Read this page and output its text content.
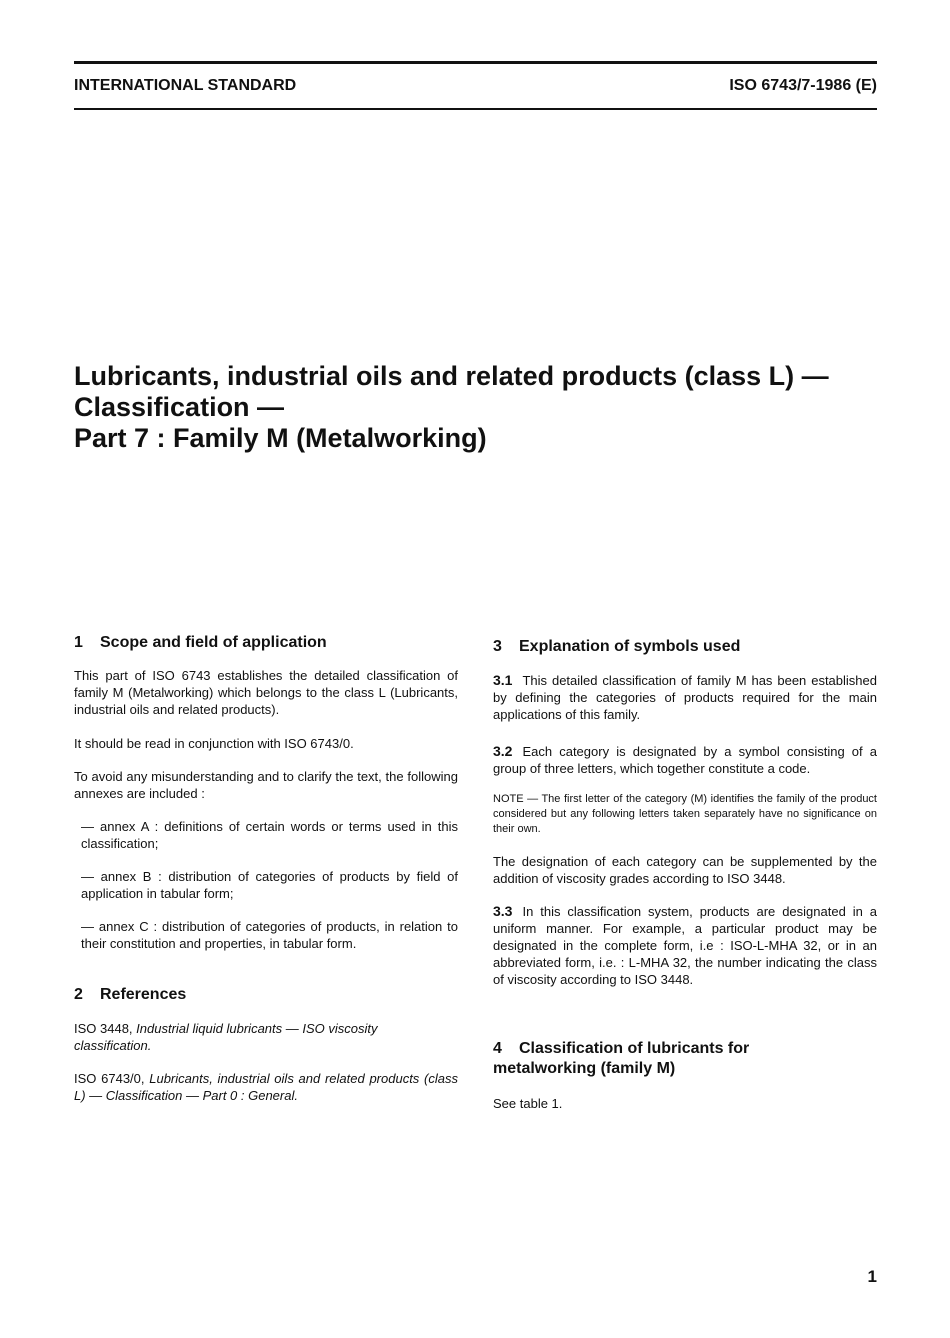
INTERNATIONAL STANDARD	ISO 6743/7-1986 (E)
Lubricants, industrial oils and related products (class L) —
Classification —
Part 7 : Family M (Metalworking)
1 Scope and field of application

This part of ISO 6743 establishes the detailed classification of family M (Metalworking) which belongs to the class L (Lubricants, industrial oils and related products).

It should be read in conjunction with ISO 6743/0.

To avoid any misunderstanding and to clarify the text, the following annexes are included :

— annex A : definitions of certain words or terms used in this classification;

— annex B : distribution of categories of products by field of application in tabular form;

— annex C : distribution of categories of products, in relation to their constitution and properties, in tabular form.

2 References

ISO 3448, Industrial liquid lubricants — ISO viscosity classification.

ISO 6743/0, Lubricants, industrial oils and related products (class L) — Classification — Part 0 : General.

3 Explanation of symbols used

3.1 This detailed classification of family M has been established by defining the categories of products required for the main applications of this family.

3.2 Each category is designated by a symbol consisting of a group of three letters, which together constitute a code.

NOTE — The first letter of the category (M) identifies the family of the product considered but any following letters taken separately have no significance on their own.

The designation of each category can be supplemented by the addition of viscosity grades according to ISO 3448.

3.3 In this classification system, products are designated in a uniform manner. For example, a particular product may be designated in the complete form, i.e : ISO-L-MHA 32, or in an abbreviated form, i.e. : L-MHA 32, the number indicating the class of viscosity according to ISO 3448.

4 Classification of lubricants for
metalworking (family M)

See table 1.

1
